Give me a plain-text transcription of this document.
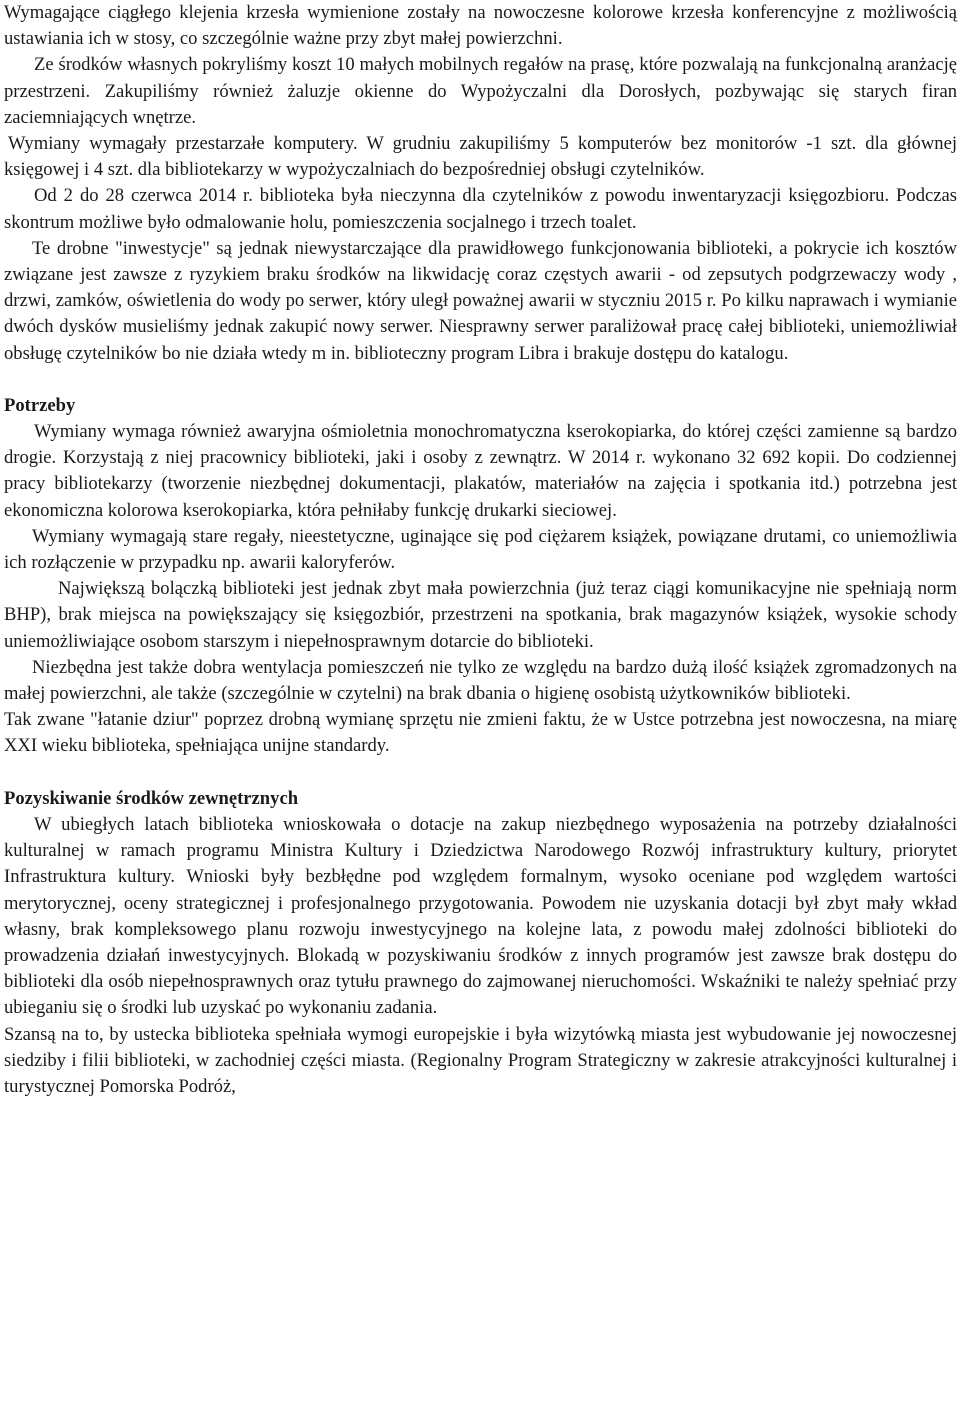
Wymagające ciągłego klejenia krzesła wymienione zostały na nowoczesne kolorowe krzesła konferencyjne z możliwością ustawiania ich w stosy, co szczególnie ważne przy zbyt małej powierzchni.

Ze środków własnych pokryliśmy koszt 10 małych mobilnych regałów na prasę, które pozwalają na funkcjonalną aranżację przestrzeni. Zakupiliśmy również żaluzje okienne do Wypożyczalni dla Dorosłych, pozbywając się starych firan zaciemniających wnętrze.

Wymiany wymagały przestarzałe komputery. W grudniu zakupiliśmy 5 komputerów bez monitorów -1 szt. dla głównej księgowej i 4 szt. dla bibliotekarzy w wypożyczalniach do bezpośredniej obsługi czytelników.

Od 2 do 28 czerwca 2014 r. biblioteka była nieczynna dla czytelników z powodu inwentaryzacji księgozbioru. Podczas skontrum możliwe było odmalowanie holu, pomieszczenia socjalnego i trzech toalet.

Te drobne "inwestycje" są jednak niewystarczające dla prawidłowego funkcjonowania biblioteki, a pokrycie ich kosztów związane jest zawsze z ryzykiem braku środków na likwidację coraz częstych awarii - od zepsutych podgrzewaczy wody , drzwi, zamków, oświetlenia do wody po serwer, który uległ poważnej awarii w styczniu 2015 r. Po kilku naprawach i wymianie dwóch dysków musieliśmy jednak zakupić nowy serwer. Niesprawny serwer paraliżował pracę całej biblioteki, uniemożliwiał obsługę czytelników bo nie działa wtedy m in. biblioteczny program Libra i brakuje dostępu do katalogu.

Potrzeby

Wymiany wymaga również awaryjna ośmioletnia monochromatyczna kserokopiarka, do której części zamienne są bardzo drogie. Korzystają z niej pracownicy biblioteki, jaki i osoby z zewnątrz. W 2014 r. wykonano 32 692 kopii. Do codziennej pracy bibliotekarzy (tworzenie niezbędnej dokumentacji, plakatów, materiałów na zajęcia i spotkania itd.) potrzebna jest ekonomiczna kolorowa kserokopiarka, która pełniłaby funkcję drukarki sieciowej.

Wymiany wymagają stare regały, nieestetyczne, uginające się pod ciężarem książek, powiązane drutami, co uniemożliwia ich rozłączenie w przypadku np. awarii kaloryferów.

Największą bolączką biblioteki jest jednak zbyt mała powierzchnia (już teraz ciągi komunikacyjne nie spełniają norm BHP), brak miejsca na powiększający się księgozbiór, przestrzeni na spotkania, brak magazynów książek, wysokie schody uniemożliwiające osobom starszym i niepełnosprawnym dotarcie do biblioteki.

Niezbędna jest także dobra wentylacja pomieszczeń nie tylko ze względu na bardzo dużą ilość książek zgromadzonych na małej powierzchni, ale także (szczególnie w czytelni) na brak dbania o higienę osobistą użytkowników biblioteki.

Tak zwane "łatanie dziur" poprzez drobną wymianę sprzętu nie zmieni faktu, że w Ustce potrzebna jest nowoczesna, na miarę XXI wieku biblioteka, spełniająca unijne standardy.

Pozyskiwanie środków zewnętrznych

W ubiegłych latach biblioteka wnioskowała o dotacje na zakup niezbędnego wyposażenia na potrzeby działalności kulturalnej w ramach programu Ministra Kultury i Dziedzictwa Narodowego Rozwój infrastruktury kultury, priorytet Infrastruktura kultury. Wnioski były bezbłędne pod względem formalnym, wysoko oceniane pod względem wartości merytorycznej, oceny strategicznej i profesjonalnego przygotowania. Powodem nie uzyskania dotacji był zbyt mały wkład własny, brak kompleksowego planu rozwoju inwestycyjnego na kolejne lata, z powodu małej zdolności biblioteki do prowadzenia działań inwestycyjnych. Blokadą w pozyskiwaniu środków z innych programów jest zawsze brak dostępu do biblioteki dla osób niepełnosprawnych oraz tytułu prawnego do zajmowanej nieruchomości. Wskaźniki te należy spełniać przy ubieganiu się o środki lub uzyskać po wykonaniu zadania.

Szansą na to, by ustecka biblioteka spełniała wymogi europejskie i była wizytówką miasta jest wybudowanie jej nowoczesnej siedziby i filii biblioteki, w zachodniej części miasta. (Regionalny Program Strategiczny w zakresie atrakcyjności kulturalnej i turystycznej Pomorska Podróż,
